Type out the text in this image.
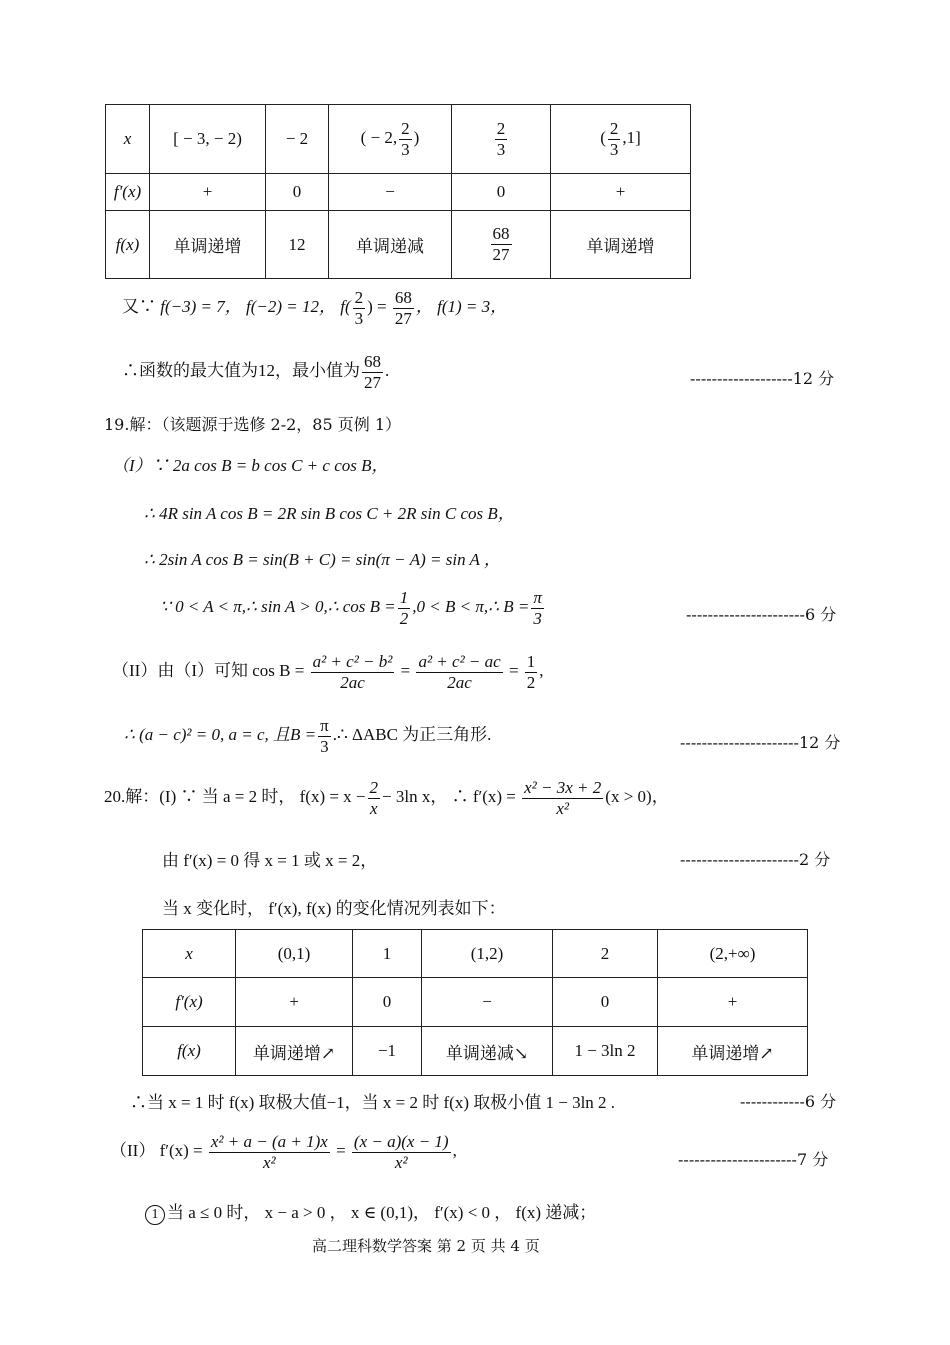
x	[ − 3, − 2)	− 2	( − 2, $\frac{2}{3}$ )	$\frac{2}{3}$	( $\frac{2}{3} ,1$]
f′(x)	+	0	−	0	+
f(x)	单调递增	12	单调递减	$\frac{68}{27}$	单调递增
又∵ f(−3) = 7， f(−2) = 12， $f( \frac{2}{3}$ ) = $\frac{68}{27}$ ， f(1) = 3，
∴函数的最大值为12，最小值为 $\frac{68}{27}$ .	-------------------12 分
19.解：（该题源于选修 2-2，85 页例 1）
（I）∵ 2a cos B = b cos C + c cos B，
∴ 4R sin A cos B = 2R sin B cos C + 2R sin C cos B，
∴ 2sin A cos B = sin(B + C) = sin(π − A) = sin A ，
∵ 0 < A < π,∴ sin A > 0,∴ $\cos B = \frac{1}{2} ,0 < B$ < π,∴ $B = \frac{\pi}{3}$	----------------------6 分
（II）由（I）可知 $\cos B = \frac{\text{a² + c² − b²}}{2ac} = \frac{\text{a² + c² − ac}}{2ac} = \frac{1}{2}$ ,
∴ (a − c)² = 0, a = c, 且$B = \frac{\pi}{3}$ .∴ ΔABC 为正三角形.	----------------------12 分
20.解：(I) ∵ 当 a = 2 时， $f(x) = x - \frac{2}{x} - 3\ln$ x， ∴ $f'(x) = \frac{\text{x² − 3x + 2}}{\text{x²}} (x > 0)$，
由 f′(x) = 0 得 x = 1 或 x = 2，	----------------------2 分
当 x 变化时， f′(x), f(x) 的变化情况列表如下：
x	(0,1)	1	(1,2)	2	(2,+∞)
f′(x)	+	0	−	0	+
f(x)	单调递增↗	−1	单调递减↘	1 − 3ln 2	单调递增↗
∴当 x = 1 时 f(x) 取极大值−1，当 x = 2 时 f(x) 取极小值 1 − 3ln 2 .	------------6 分
（II） $f'(x) = \frac{\text{x² + a − (a + 1)x}}{\text{x²}} = \frac{(x - a)(x - 1)}{\text{x²}}$ ,	----------------------7 分
1 当 a ≤ 0 时， x − a > 0 ， x ∈ (0,1)， f′(x) < 0 ， f(x) 递减；
高二理科数学答案 第 2 页 共 4 页
